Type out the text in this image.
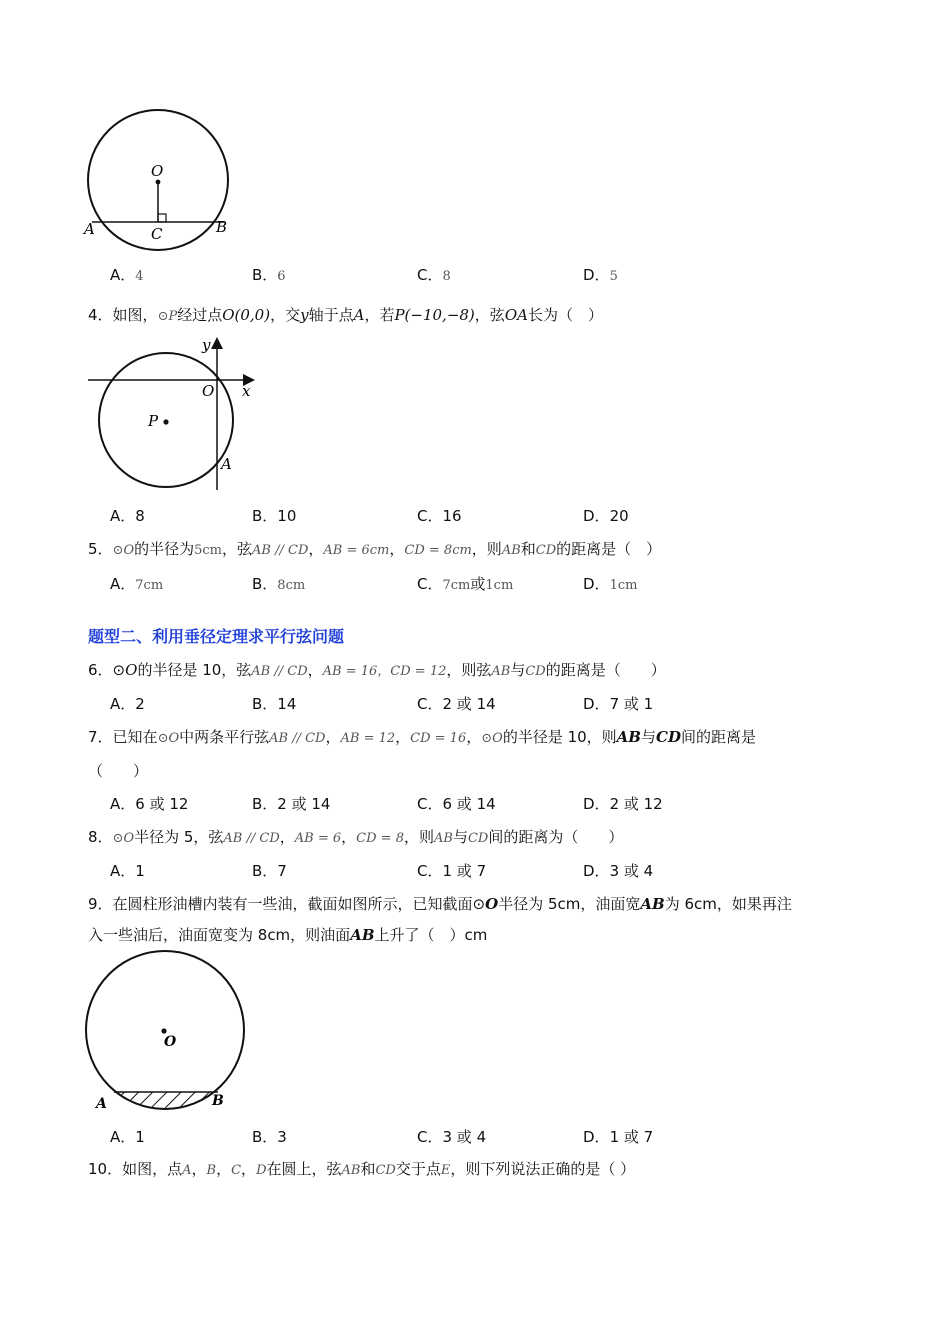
O
A	B
C
A．4	B．6	C．8	D．5
4．如图，⊙P经过点O(0,0)，交y轴于点A，若P(−10,−8)，弦OA长为（　）
y
x
O
P
A
A．8	B．10	C．16	D．20
5．⊙O的半径为5cm，弦AB // CD，AB = 6cm，CD = 8cm，则AB和CD的距离是（　）
A．7cm	B．8cm	C．7cm或1cm	D．1cm
题型二、利用垂径定理求平行弦问题
6．⊙O的半径是 10，弦AB // CD，AB = 16，CD = 12，则弦AB与CD的距离是（　　）
A．2	B．14	C．2 或 14	D．7 或 1
7．已知在⊙O中两条平行弦AB // CD，AB = 12，CD = 16，⊙O的半径是 10，则AB与CD间的距离是
（　　）
A．6 或 12	B．2 或 14	C．6 或 14	D．2 或 12
8．⊙O半径为 5，弦AB // CD，AB = 6，CD = 8，则AB与CD间的距离为（　　）
A．1	B．7	C．1 或 7	D．3 或 4
9．在圆柱形油槽内装有一些油，截面如图所示，已知截面⊙O半径为 5cm，油面宽AB为 6cm，如果再注
入一些油后，油面宽变为 8cm，则油面AB上升了（　）cm
O
A	B
A．1	B．3	C．3 或 4	D．1 或 7
10．如图，点A，B，C，D在圆上，弦AB和CD交于点E，则下列说法正确的是（ ）
